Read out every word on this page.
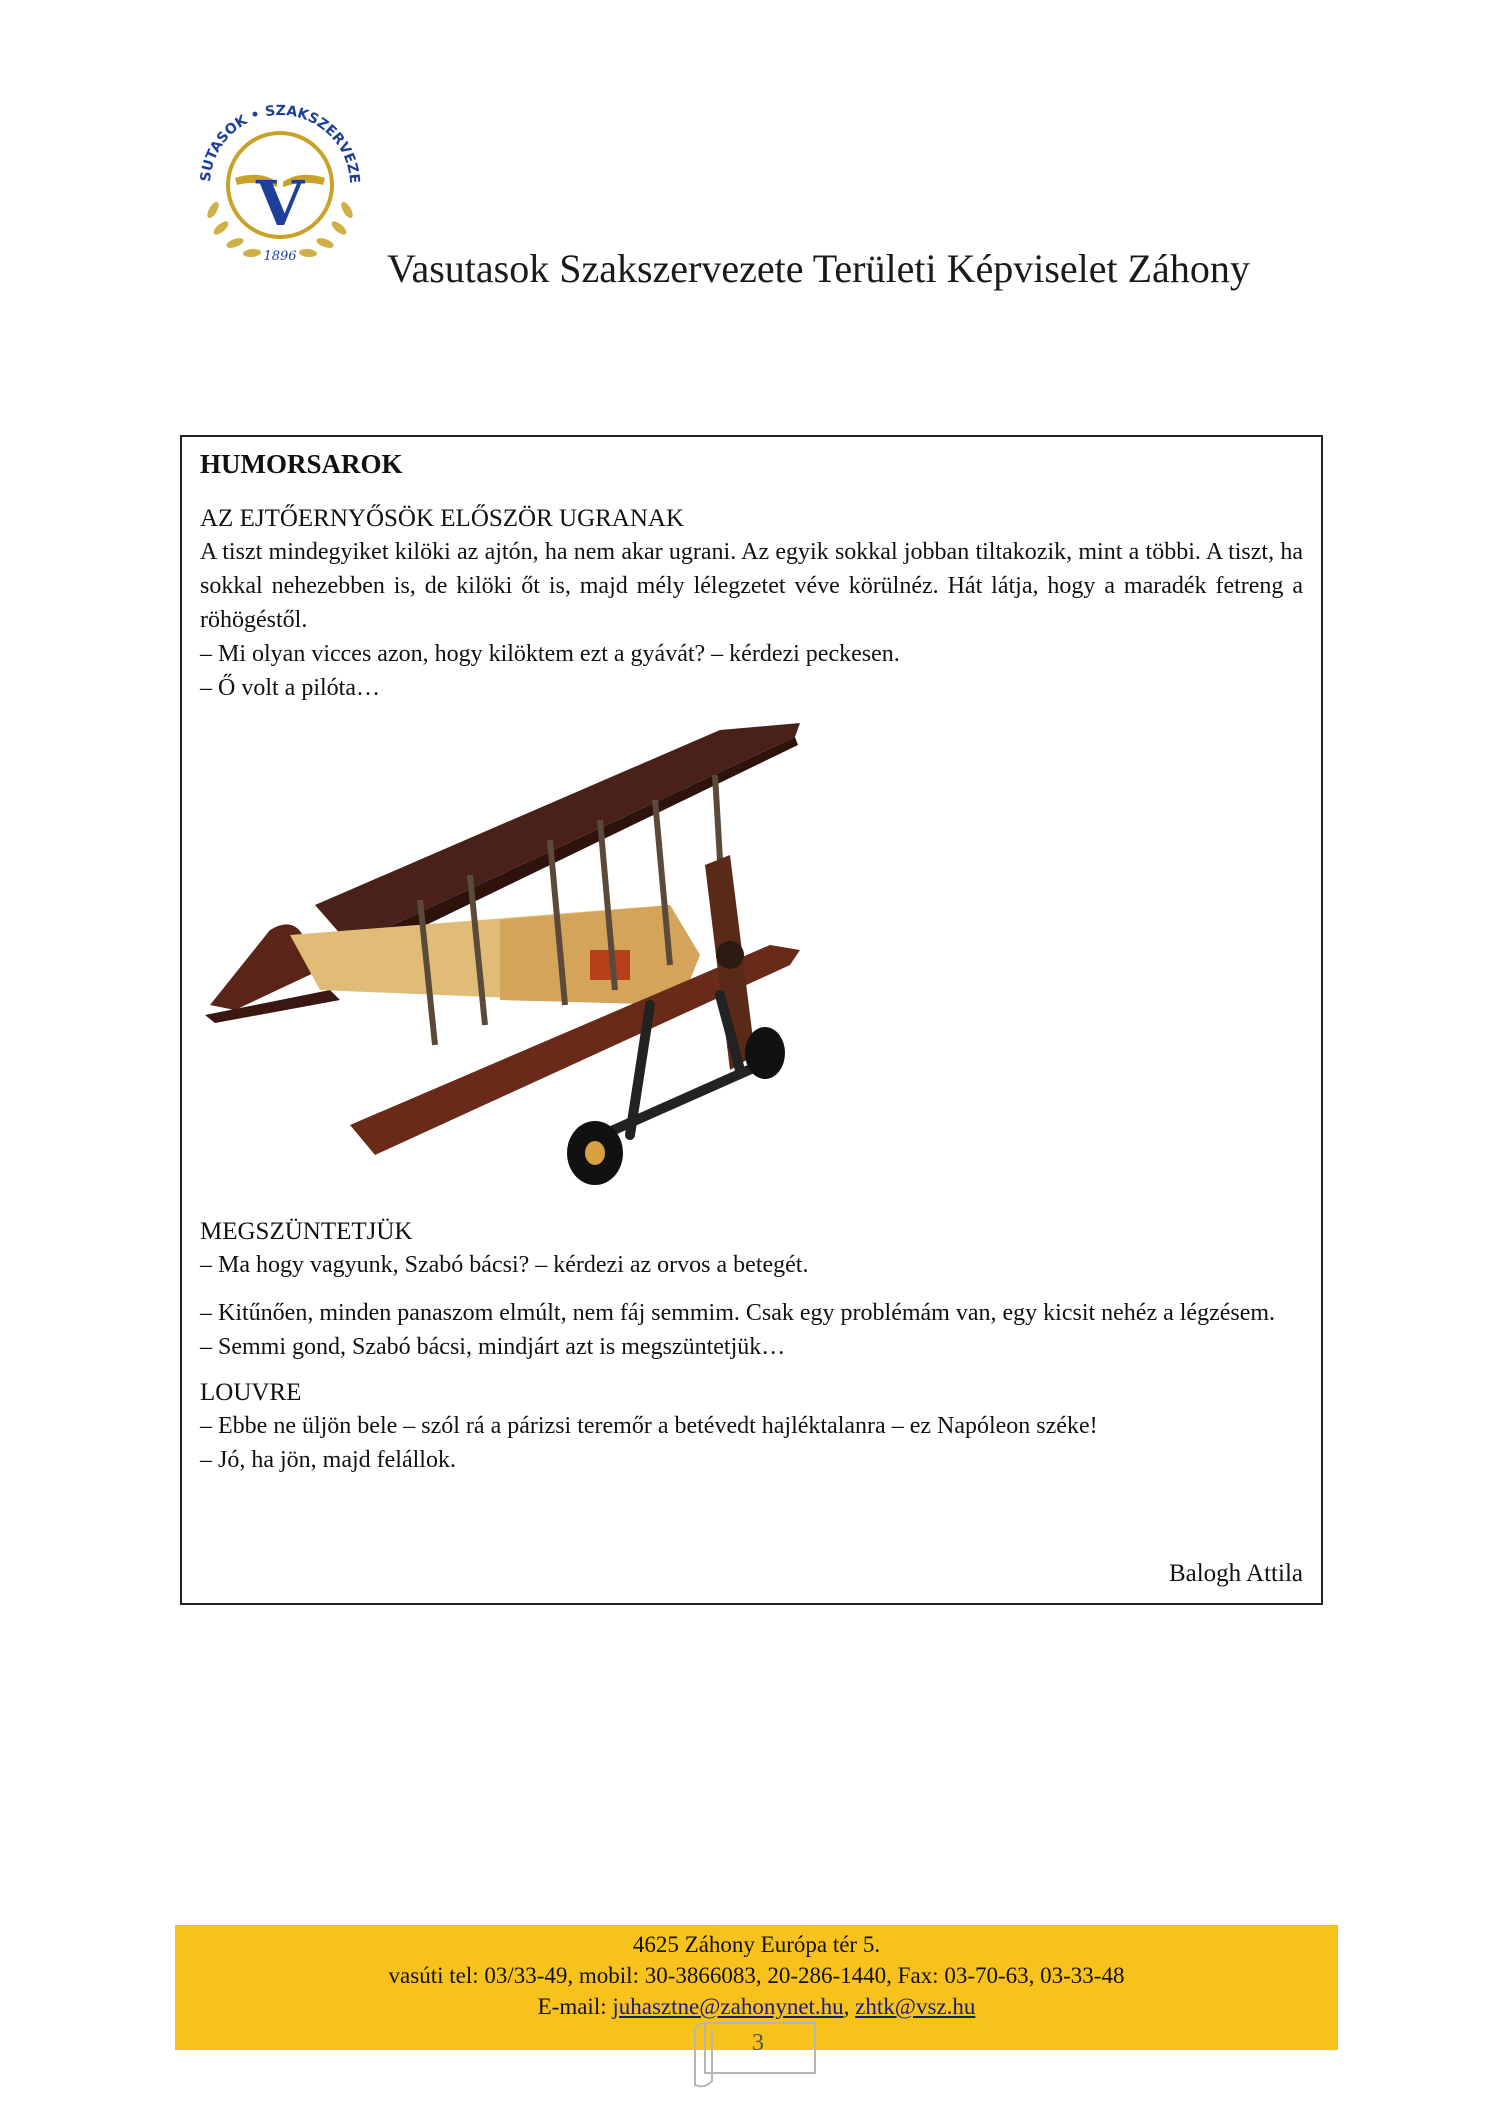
SUTASOK • SZAKSZERVEZE
V
1896 Vasutasok Szakszervezete Területi Képviselet Záhony
HUMORSAROK
AZ EJTŐERNYŐSÖK ELŐSZÖR UGRANAK

A tiszt mindegyiket kilöki az ajtón, ha nem akar ugrani. Az egyik sokkal jobban tiltakozik, mint a többi. A tiszt, ha sokkal nehezebben is, de kilöki őt is, majd mély lélegzetet véve körülnéz. Hát látja, hogy a maradék fetreng a röhögéstől.

– Mi olyan vicces azon, hogy kilöktem ezt a gyávát? – kérdezi peckesen.

– Ő volt a pilóta…

MEGSZÜNTETJÜK

– Ma hogy vagyunk, Szabó bácsi? – kérdezi az orvos a betegét.

– Kitűnően, minden panaszom elmúlt, nem fáj semmim. Csak egy problémám van, egy kicsit nehéz a légzésem.

– Semmi gond, Szabó bácsi, mindjárt azt is megszüntetjük…

LOUVRE

– Ebbe ne üljön bele – szól rá a párizsi teremőr a betévedt hajléktalanra – ez Napóleon széke!

– Jó, ha jön, majd felállok.

Balogh Attila
4625 Záhony Európa tér 5.
vasúti tel: 03/33-49, mobil: 30-3866083, 20-286-1440, Fax: 03-70-63, 03-33-48
E-mail: juhasztne@zahonynet.hu, zhtk@vsz.hu
3
